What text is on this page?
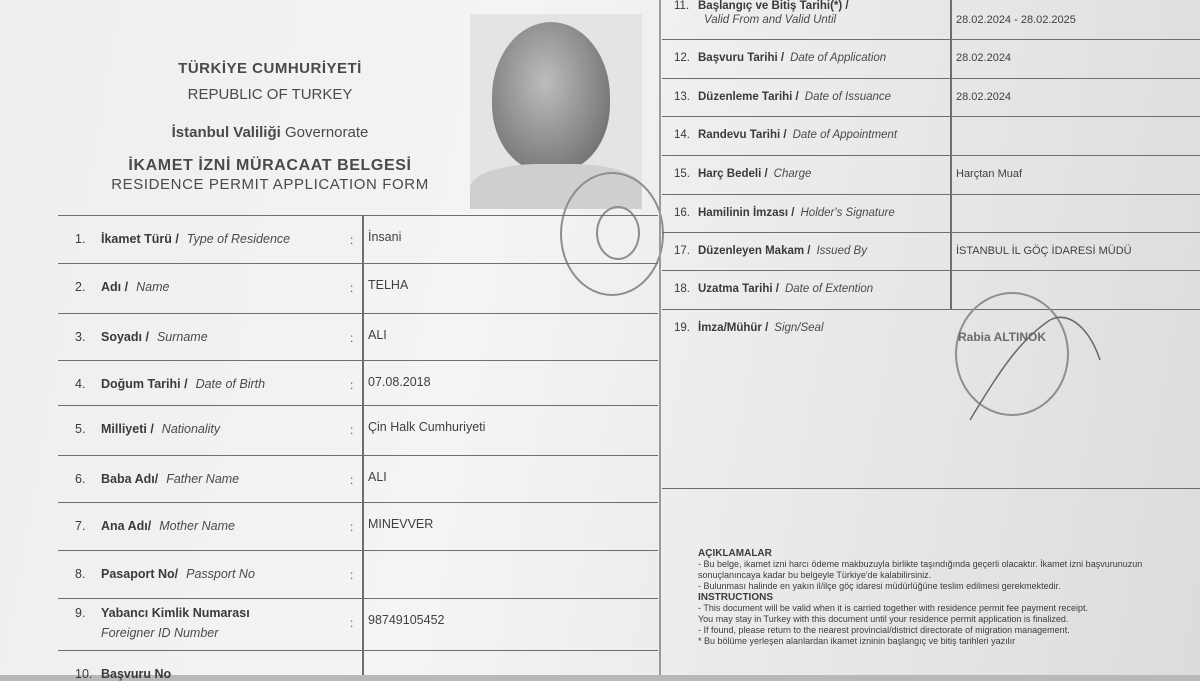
TÜRKİYE CUMHURİYETİ
REPUBLIC OF TURKEY
İstanbul Valiliği Governorate
İKAMET İZNİ MÜRACAAT BELGESİ
RESIDENCE PERMIT APPLICATION FORM
1. İkamet Türü / Type of Residence	: İnsani
2. Adı / Name	: TELHA
3. Soyadı / Surname	: ALI
4. Doğum Tarihi / Date of Birth	: 07.08.2018
5. Milliyeti / Nationality	: Çin Halk Cumhuriyeti
6. Baba Adı/ Father Name	: ALI
7. Ana Adı/ Mother Name	: MINEVVER
8. Pasaport No/ Passport No	:
9. Yabancı Kimlik Numarası
Foreigner ID Number
: 98749105452
10. Başvuru No
11. Başlangıç ve Bitiş Tarihi(*) /
Valid From and Valid Until	28.02.2024 - 28.02.2025
12. Başvuru Tarihi / Date of Application	28.02.2024
13. Düzenleme Tarihi / Date of Issuance	28.02.2024
14. Randevu Tarihi / Date of Appointment
15. Harç Bedeli / Charge	Harçtan Muaf
16. Hamilinin İmzası / Holder's Signature
17. Düzenleyen Makam / Issued By	İSTANBUL İL GÖÇ İDARESİ MÜDÜ
18. Uzatma Tarihi / Date of Extention
19. İmza/Mühür / Sign/Seal
Rabia ALTINOK
AÇIKLAMALAR
- Bu belge, ikamet izni harcı ödeme makbuzuyla birlikte taşındığında geçerli olacaktır. İkamet izni başvurunuzun
sonuçlanıncaya kadar bu belgeyle Türkiye'de kalabilirsiniz.
- Bulunması halinde en yakın il/ilçe göç idaresi müdürlüğüne teslim edilmesi gerekmektedir.
INSTRUCTIONS
- This document will be valid when it is carried together with residence permit fee payment receipt.
You may stay in Turkey with this document until your residence permit application is finalized.
- If found, please return to the nearest provincial/district directorate of migration management.
* Bu bölüme yerleşen alanlardan ikamet izninin başlangıç ve bitiş tarihleri yazılır
